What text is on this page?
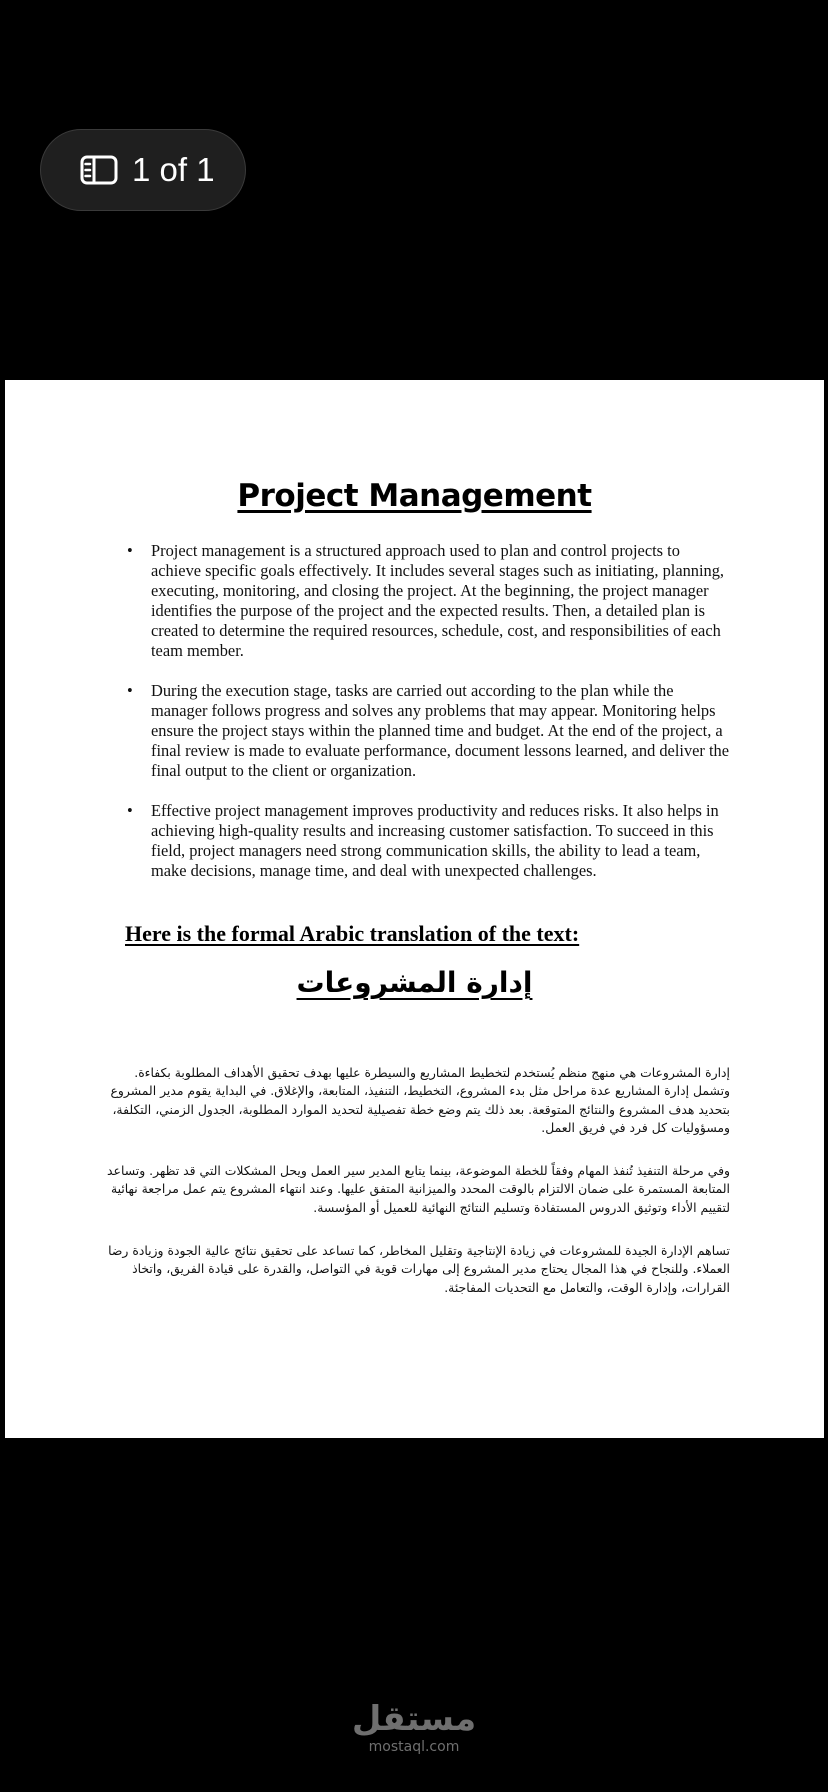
1 of 1
Project Management
• Project management is a structured approach used to plan and control projects to achieve specific goals effectively. It includes several stages such as initiating, planning, executing, monitoring, and closing the project. At the beginning, the project manager identifies the purpose of the project and the expected results. Then, a detailed plan is created to determine the required resources, schedule, cost, and responsibilities of each team member.
• During the execution stage, tasks are carried out according to the plan while the manager follows progress and solves any problems that may appear. Monitoring helps ensure the project stays within the planned time and budget. At the end of the project, a final review is made to evaluate performance, document lessons learned, and deliver the final output to the client or organization.
• Effective project management improves productivity and reduces risks. It also helps in achieving high-quality results and increasing customer satisfaction. To succeed in this field, project managers need strong communication skills, the ability to lead a team, make decisions, manage time, and deal with unexpected challenges.
Here is the formal Arabic translation of the text:
إدارة المشروعات
إدارة المشروعات هي منهج منظم يُستخدم لتخطيط المشاريع والسيطرة عليها بهدف تحقيق الأهداف المطلوبة بكفاءة. وتشمل إدارة المشاريع عدة مراحل مثل بدء المشروع، التخطيط، التنفيذ، المتابعة، والإغلاق. في البداية يقوم مدير المشروع بتحديد هدف المشروع والنتائج المتوقعة. بعد ذلك يتم وضع خطة تفصيلية لتحديد الموارد المطلوبة، الجدول الزمني، التكلفة، ومسؤوليات كل فرد في فريق العمل.
وفي مرحلة التنفيذ تُنفذ المهام وفقاً للخطة الموضوعة، بينما يتابع المدير سير العمل ويحل المشكلات التي قد تظهر. وتساعد المتابعة المستمرة على ضمان الالتزام بالوقت المحدد والميزانية المتفق عليها. وعند انتهاء المشروع يتم عمل مراجعة نهائية لتقييم الأداء وتوثيق الدروس المستفادة وتسليم النتائج النهائية للعميل أو المؤسسة.
تساهم الإدارة الجيدة للمشروعات في زيادة الإنتاجية وتقليل المخاطر، كما تساعد على تحقيق نتائج عالية الجودة وزيادة رضا العملاء. وللنجاح في هذا المجال يحتاج مدير المشروع إلى مهارات قوية في التواصل، والقدرة على قيادة الفريق، واتخاذ القرارات، وإدارة الوقت، والتعامل مع التحديات المفاجئة.
مستقل
mostaql.com
